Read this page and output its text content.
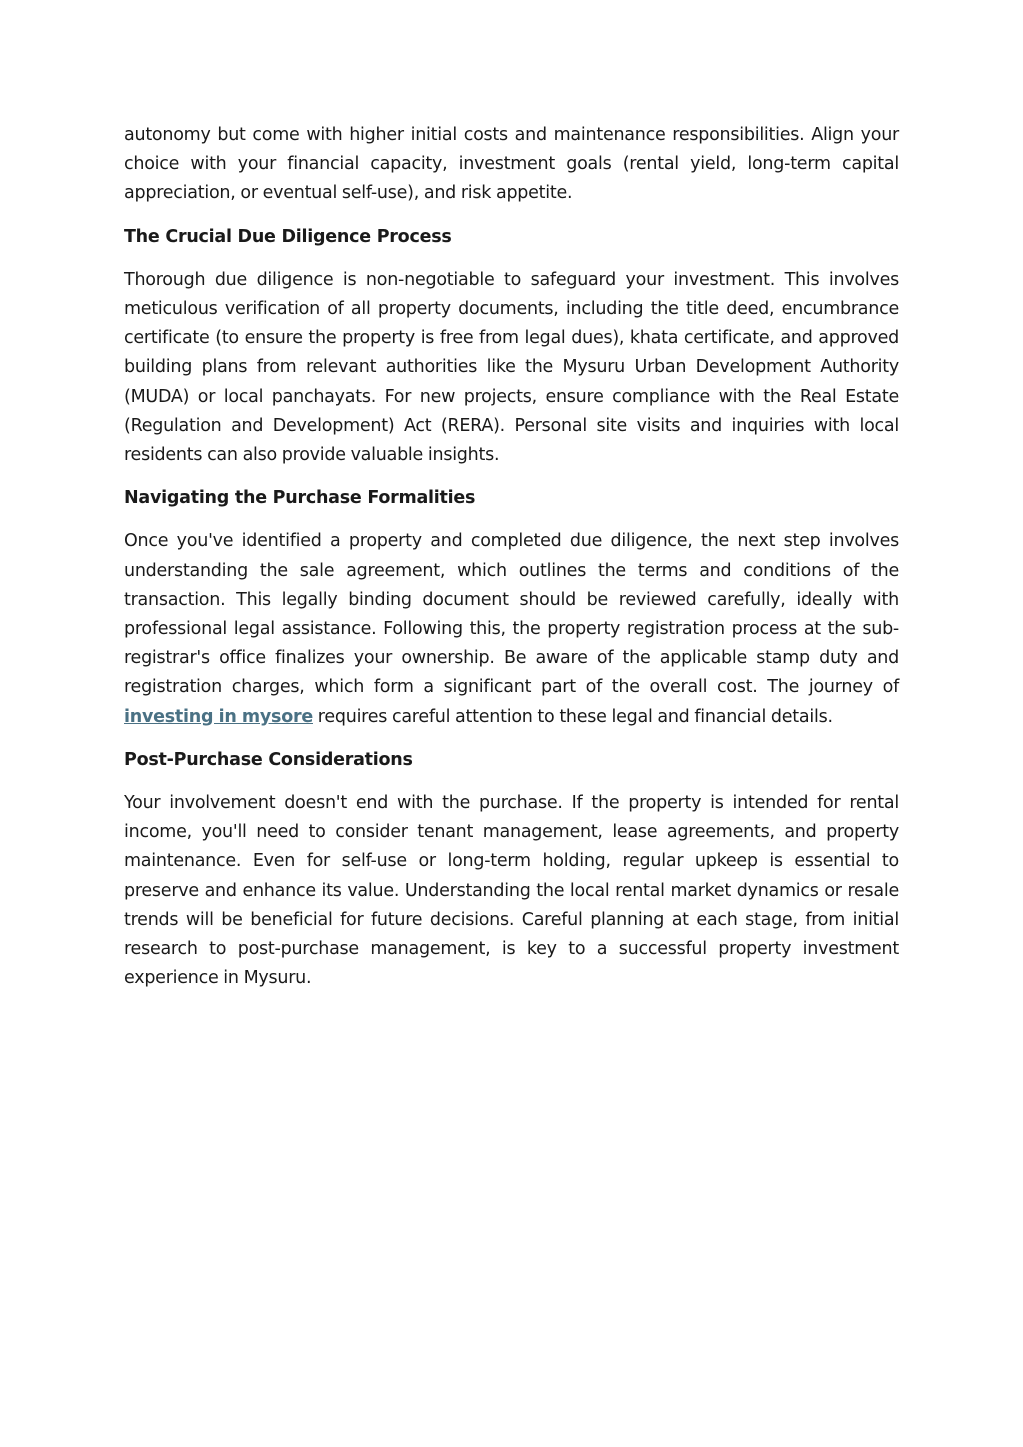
autonomy but come with higher initial costs and maintenance responsibilities. Align your choice with your financial capacity, investment goals (rental yield, long-term capital appreciation, or eventual self-use), and risk appetite.

The Crucial Due Diligence Process

Thorough due diligence is non-negotiable to safeguard your investment. This involves meticulous verification of all property documents, including the title deed, encumbrance certificate (to ensure the property is free from legal dues), khata certificate, and approved building plans from relevant authorities like the Mysuru Urban Development Authority (MUDA) or local panchayats. For new projects, ensure compliance with the Real Estate (Regulation and Development) Act (RERA). Personal site visits and inquiries with local residents can also provide valuable insights.

Navigating the Purchase Formalities

Once you've identified a property and completed due diligence, the next step involves understanding the sale agreement, which outlines the terms and conditions of the transaction. This legally binding document should be reviewed carefully, ideally with professional legal assistance. Following this, the property registration process at the sub-registrar's office finalizes your ownership. Be aware of the applicable stamp duty and registration charges, which form a significant part of the overall cost. The journey of investing in mysore requires careful attention to these legal and financial details.

Post-Purchase Considerations

Your involvement doesn't end with the purchase. If the property is intended for rental income, you'll need to consider tenant management, lease agreements, and property maintenance. Even for self-use or long-term holding, regular upkeep is essential to preserve and enhance its value. Understanding the local rental market dynamics or resale trends will be beneficial for future decisions. Careful planning at each stage, from initial research to post-purchase management, is key to a successful property investment experience in Mysuru.
